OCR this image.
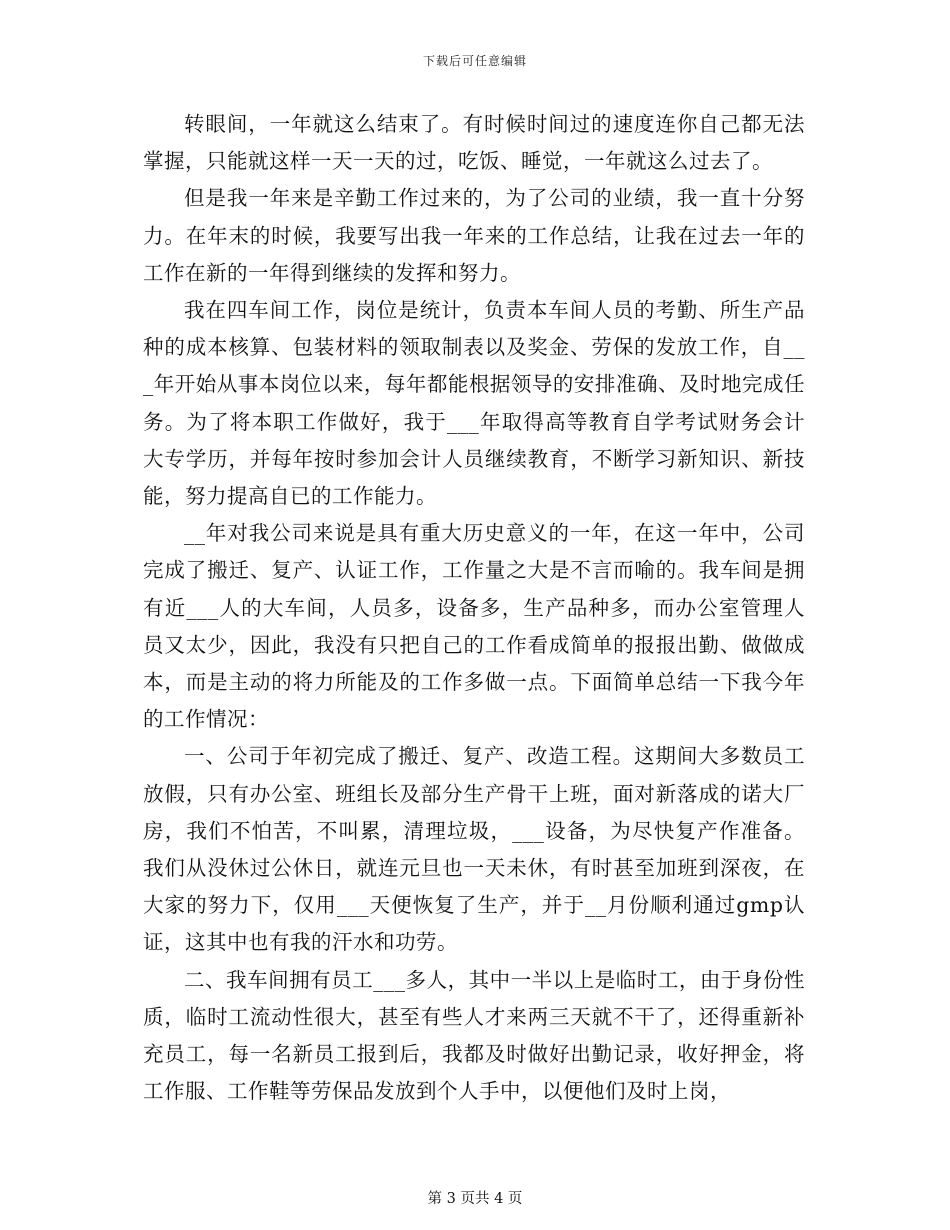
下载后可任意编辑

转眼间，一年就这么结束了。有时候时间过的速度连你自己都无法掌握，只能就这样一天一天的过，吃饭、睡觉，一年就这么过去了。

但是我一年来是辛勤工作过来的，为了公司的业绩，我一直十分努力。在年末的时候，我要写出我一年来的工作总结，让我在过去一年的工作在新的一年得到继续的发挥和努力。

我在四车间工作，岗位是统计，负责本车间人员的考勤、所生产品种的成本核算、包装材料的领取制表以及奖金、劳保的发放工作，自___年开始从事本岗位以来，每年都能根据领导的安排准确、及时地完成任务。为了将本职工作做好，我于___年取得高等教育自学考试财务会计大专学历，并每年按时参加会计人员继续教育，不断学习新知识、新技能，努力提高自已的工作能力。

__年对我公司来说是具有重大历史意义的一年，在这一年中，公司完成了搬迁、复产、认证工作，工作量之大是不言而喻的。我车间是拥有近___人的大车间，人员多，设备多，生产品种多，而办公室管理人员又太少，因此，我没有只把自己的工作看成简单的报报出勤、做做成本，而是主动的将力所能及的工作多做一点。下面简单总结一下我今年的工作情况：

一、公司于年初完成了搬迁、复产、改造工程。这期间大多数员工放假，只有办公室、班组长及部分生产骨干上班，面对新落成的诺大厂房，我们不怕苦，不叫累，清理垃圾，___设备，为尽快复产作准备。我们从没休过公休日，就连元旦也一天未休，有时甚至加班到深夜，在大家的努力下，仅用___天便恢复了生产，并于__月份顺利通过gmp认证，这其中也有我的汗水和功劳。

二、我车间拥有员工___多人，其中一半以上是临时工，由于身份性质，临时工流动性很大，甚至有些人才来两三天就不干了，还得重新补充员工，每一名新员工报到后，我都及时做好出勤记录，收好押金，将工作服、工作鞋等劳保品发放到个人手中，以便他们及时上岗，

第 3 页共 4 页
